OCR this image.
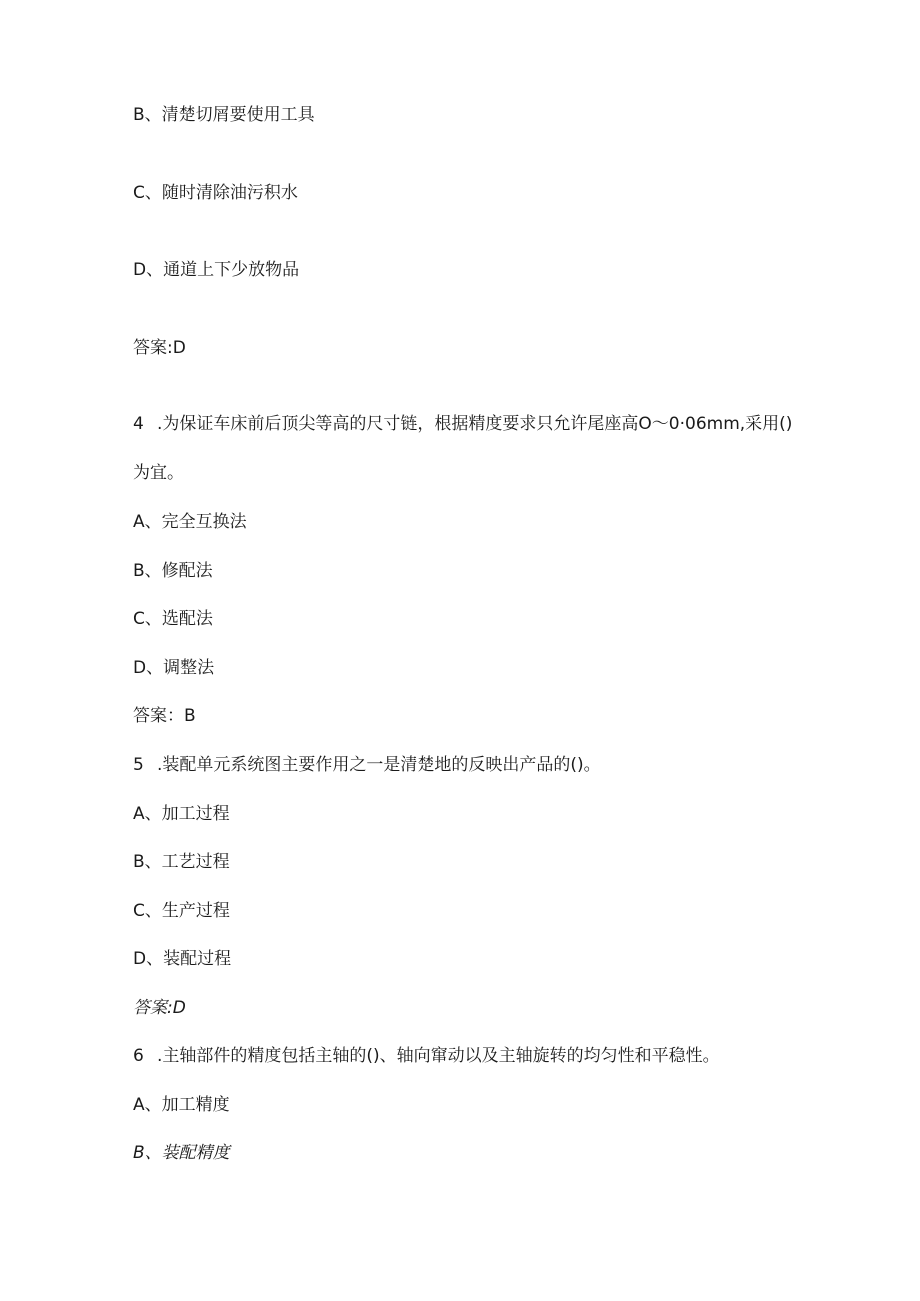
B、清楚切屑要使用工具
C、随时清除油污积水
D、通道上下少放物品
答案:D
4 .为保证车床前后顶尖等高的尺寸链，根据精度要求只允许尾座高O～0·06mm,采用()
为宜。
A、完全互换法
B、修配法
C、选配法
D、调整法
答案：B
5 .装配单元系统图主要作用之一是清楚地的反映出产品的()。
A、加工过程
B、工艺过程
C、生产过程
D、装配过程
答案:D
6 .主轴部件的精度包括主轴的()、轴向窜动以及主轴旋转的均匀性和平稳性。
A、加工精度
B、装配精度
